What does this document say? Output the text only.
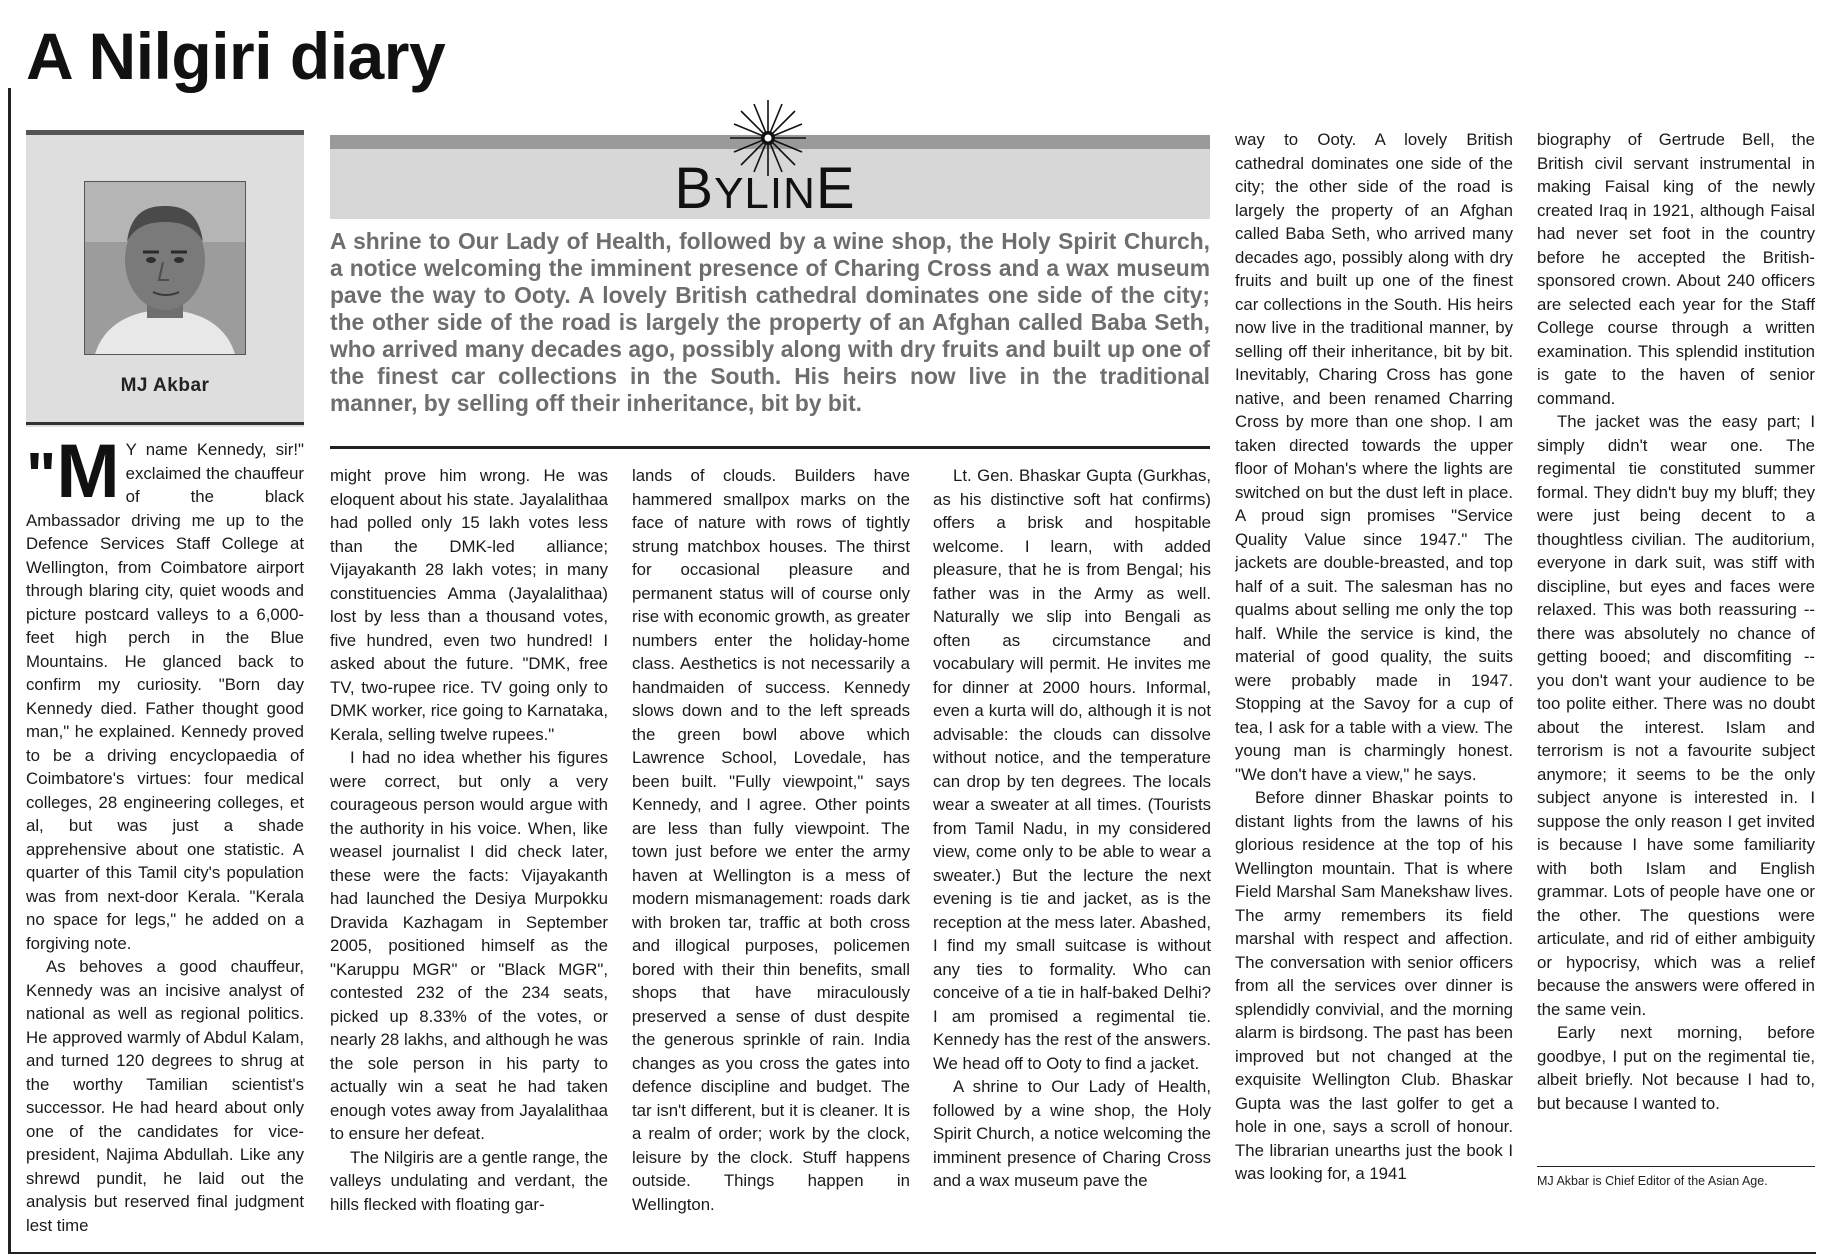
A Nilgiri diary
MJ Akbar
BYLINE

A shrine to Our Lady of Health, followed by a wine shop, the Holy Spirit Church, a notice welcoming the imminent presence of Charing Cross and a wax museum pave the way to Ooty. A lovely British cathedral dominates one side of the city; the other side of the road is largely the property of an Afghan called Baba Seth, who arrived many decades ago, possibly along with dry fruits and built up one of the finest car collections in the South. His heirs now live in the traditional manner, by selling off their inheritance, bit by bit.

"M Y name Kennedy, sir!" exclaimed the chauffeur of the black Ambassador driving me up to the Defence Services Staff College at Wellington, from Coimbatore airport through blaring city, quiet woods and picture postcard valleys to a 6,000-feet high perch in the Blue Mountains. He glanced back to confirm my curiosity. "Born day Kennedy died. Father thought good man," he explained. Kennedy proved to be a driving encyclopaedia of Coimbatore's virtues: four medical colleges, 28 engineering colleges, et al, but was just a shade apprehensive about one statistic. A quarter of this Tamil city's population was from next-door Kerala. "Kerala no space for legs," he added on a forgiving note.

As behoves a good chauffeur, Kennedy was an incisive analyst of national as well as regional politics. He approved warmly of Abdul Kalam, and turned 120 degrees to shrug at the worthy Tamilian scientist's successor. He had heard about only one of the candidates for vice-president, Najima Abdullah. Like any shrewd pundit, he laid out the analysis but reserved final judgment lest time

might prove him wrong. He was eloquent about his state. Jayalalithaa had polled only 15 lakh votes less than the DMK-led alliance; Vijayakanth 28 lakh votes; in many constituencies Amma (Jayalalithaa) lost by less than a thousand votes, five hundred, even two hundred! I asked about the future. "DMK, free TV, two-rupee rice. TV going only to DMK worker, rice going to Karnataka, Kerala, selling twelve rupees."

I had no idea whether his figures were correct, but only a very courageous person would argue with the authority in his voice. When, like weasel journalist I did check later, these were the facts: Vijayakanth had launched the Desiya Murpokku Dravida Kazhagam in September 2005, positioned himself as the "Karuppu MGR" or "Black MGR", contested 232 of the 234 seats, picked up 8.33% of the votes, or nearly 28 lakhs, and although he was the sole person in his party to actually win a seat he had taken enough votes away from Jayalalithaa to ensure her defeat.

The Nilgiris are a gentle range, the valleys undulating and verdant, the hills flecked with floating gar-

lands of clouds. Builders have hammered smallpox marks on the face of nature with rows of tightly strung matchbox houses. The thirst for occasional pleasure and permanent status will of course only rise with economic growth, as greater numbers enter the holiday-home class. Aesthetics is not necessarily a handmaiden of success. Kennedy slows down and to the left spreads the green bowl above which Lawrence School, Lovedale, has been built. "Fully viewpoint," says Kennedy, and I agree. Other points are less than fully viewpoint. The town just before we enter the army haven at Wellington is a mess of modern mismanagement: roads dark with broken tar, traffic at both cross and illogical purposes, policemen bored with their thin benefits, small shops that have miraculously preserved a sense of dust despite the generous sprinkle of rain. India changes as you cross the gates into defence discipline and budget. The tar isn't different, but it is cleaner. It is a realm of order; work by the clock, leisure by the clock. Stuff happens outside. Things happen in Wellington.

Lt. Gen. Bhaskar Gupta (Gurkhas, as his distinctive soft hat confirms) offers a brisk and hospitable welcome. I learn, with added pleasure, that he is from Bengal; his father was in the Army as well. Naturally we slip into Bengali as often as circumstance and vocabulary will permit. He invites me for dinner at 2000 hours. Informal, even a kurta will do, although it is not advisable: the clouds can dissolve without notice, and the temperature can drop by ten degrees. The locals wear a sweater at all times. (Tourists from Tamil Nadu, in my considered view, come only to be able to wear a sweater.) But the lecture the next evening is tie and jacket, as is the reception at the mess later. Abashed, I find my small suitcase is without any ties to formality. Who can conceive of a tie in half-baked Delhi? I am promised a regimental tie. Kennedy has the rest of the answers. We head off to Ooty to find a jacket.

A shrine to Our Lady of Health, followed by a wine shop, the Holy Spirit Church, a notice welcoming the imminent presence of Charing Cross and a wax museum pave the

way to Ooty. A lovely British cathedral dominates one side of the city; the other side of the road is largely the property of an Afghan called Baba Seth, who arrived many decades ago, possibly along with dry fruits and built up one of the finest car collections in the South. His heirs now live in the traditional manner, by selling off their inheritance, bit by bit. Inevitably, Charing Cross has gone native, and been renamed Charring Cross by more than one shop. I am taken directed towards the upper floor of Mohan's where the lights are switched on but the dust left in place. A proud sign promises "Service Quality Value since 1947." The jackets are double-breasted, and top half of a suit. The salesman has no qualms about selling me only the top half. While the service is kind, the material of good quality, the suits were probably made in 1947. Stopping at the Savoy for a cup of tea, I ask for a table with a view. The young man is charmingly honest. "We don't have a view," he says.

Before dinner Bhaskar points to distant lights from the lawns of his glorious residence at the top of his Wellington mountain. That is where Field Marshal Sam Manekshaw lives. The army remembers its field marshal with respect and affection. The conversation with senior officers from all the services over dinner is splendidly convivial, and the morning alarm is birdsong. The past has been improved but not changed at the exquisite Wellington Club. Bhaskar Gupta was the last golfer to get a hole in one, says a scroll of honour. The librarian unearths just the book I was looking for, a 1941

biography of Gertrude Bell, the British civil servant instrumental in making Faisal king of the newly created Iraq in 1921, although Faisal had never set foot in the country before he accepted the British-sponsored crown. About 240 officers are selected each year for the Staff College course through a written examination. This splendid institution is gate to the haven of senior command.

The jacket was the easy part; I simply didn't wear one. The regimental tie constituted summer formal. They didn't buy my bluff; they were just being decent to a thoughtless civilian. The auditorium, everyone in dark suit, was stiff with discipline, but eyes and faces were relaxed. This was both reassuring -- there was absolutely no chance of getting booed; and discomfiting -- you don't want your audience to be too polite either. There was no doubt about the interest. Islam and terrorism is not a favourite subject anymore; it seems to be the only subject anyone is interested in. I suppose the only reason I get invited is because I have some familiarity with both Islam and English grammar. Lots of people have one or the other. The questions were articulate, and rid of either ambiguity or hypocrisy, which was a relief because the answers were offered in the same vein.

Early next morning, before goodbye, I put on the regimental tie, albeit briefly. Not because I had to, but because I wanted to.

MJ Akbar is Chief Editor of the Asian Age.
